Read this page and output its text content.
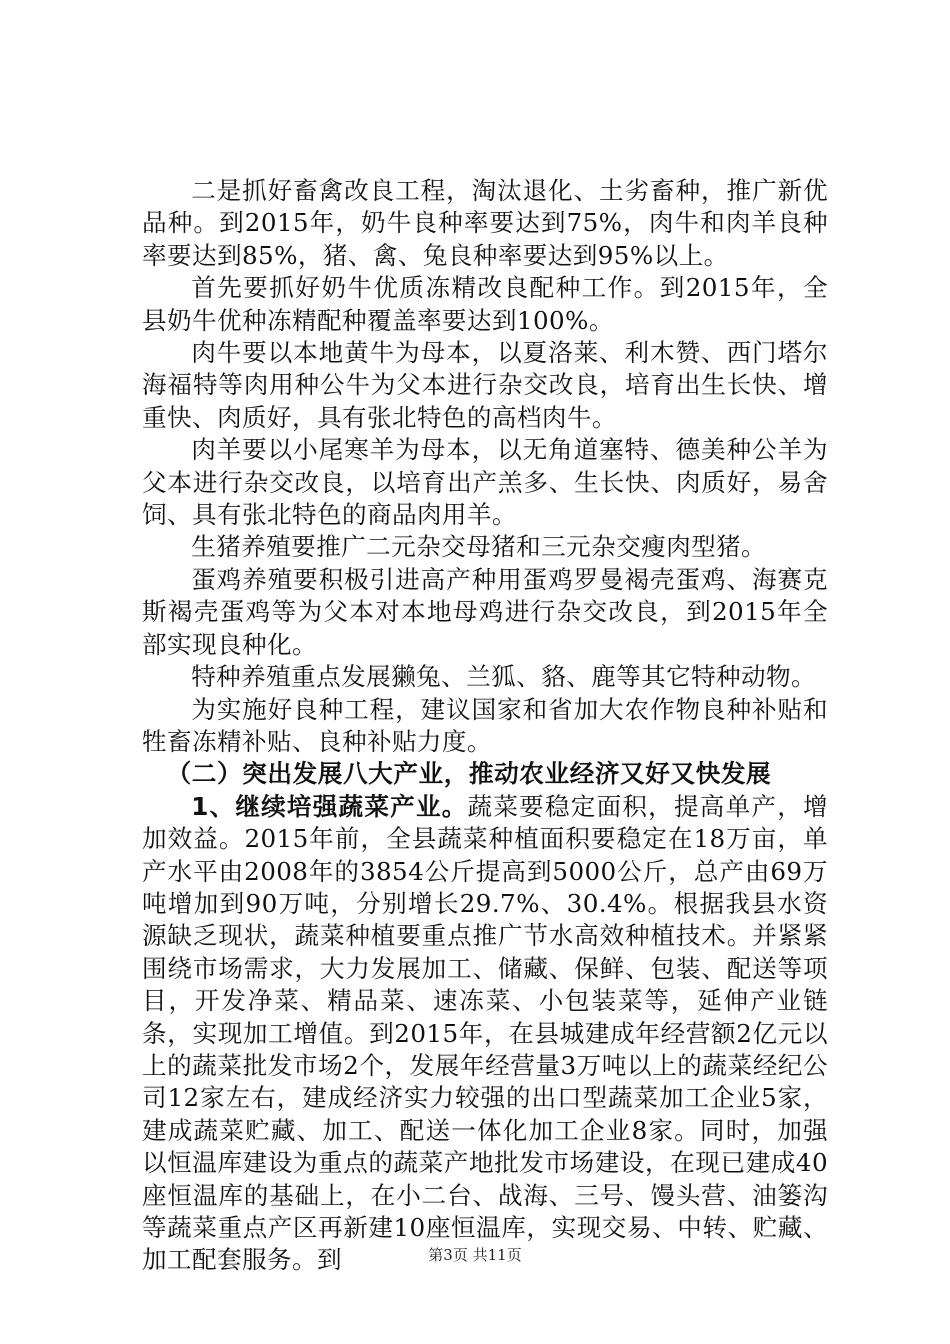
二是抓好畜禽改良工程，淘汰退化、土劣畜种，推广新优品种。到2015年，奶牛良种率要达到75%，肉牛和肉羊良种率要达到85%，猪、禽、兔良种率要达到95%以上。

首先要抓好奶牛优质冻精改良配种工作。到2015年，全县奶牛优种冻精配种覆盖率要达到100%。

肉牛要以本地黄牛为母本，以夏洛莱、利木赞、西门塔尔海福特等肉用种公牛为父本进行杂交改良，培育出生长快、增重快、肉质好，具有张北特色的高档肉牛。

肉羊要以小尾寒羊为母本，以无角道塞特、德美种公羊为父本进行杂交改良，以培育出产羔多、生长快、肉质好，易舍饲、具有张北特色的商品肉用羊。

生猪养殖要推广二元杂交母猪和三元杂交瘦肉型猪。

蛋鸡养殖要积极引进高产种用蛋鸡罗曼褐壳蛋鸡、海赛克斯褐壳蛋鸡等为父本对本地母鸡进行杂交改良，到2015年全部实现良种化。

特种养殖重点发展獭兔、兰狐、貉、鹿等其它特种动物。

为实施好良种工程，建议国家和省加大农作物良种补贴和牲畜冻精补贴、良种补贴力度。

（二）突出发展八大产业，推动农业经济又好又快发展

1、继续培强蔬菜产业。蔬菜要稳定面积，提高单产，增加效益。2015年前，全县蔬菜种植面积要稳定在18万亩，单产水平由2008年的3854公斤提高到5000公斤，总产由69万吨增加到90万吨，分别增长29.7%、30.4%。根据我县水资源缺乏现状，蔬菜种植要重点推广节水高效种植技术。并紧紧围绕市场需求，大力发展加工、储藏、保鲜、包装、配送等项目，开发净菜、精品菜、速冻菜、小包装菜等，延伸产业链条，实现加工增值。到2015年，在县城建成年经营额2亿元以上的蔬菜批发市场2个，发展年经营量3万吨以上的蔬菜经纪公司12家左右，建成经济实力较强的出口型蔬菜加工企业5家，建成蔬菜贮藏、加工、配送一体化加工企业8家。同时，加强以恒温库建设为重点的蔬菜产地批发市场建设，在现已建成40座恒温库的基础上，在小二台、战海、三号、馒头营、油篓沟等蔬菜重点产区再新建10座恒温库，实现交易、中转、贮藏、加工配套服务。到	第3页 共11页
